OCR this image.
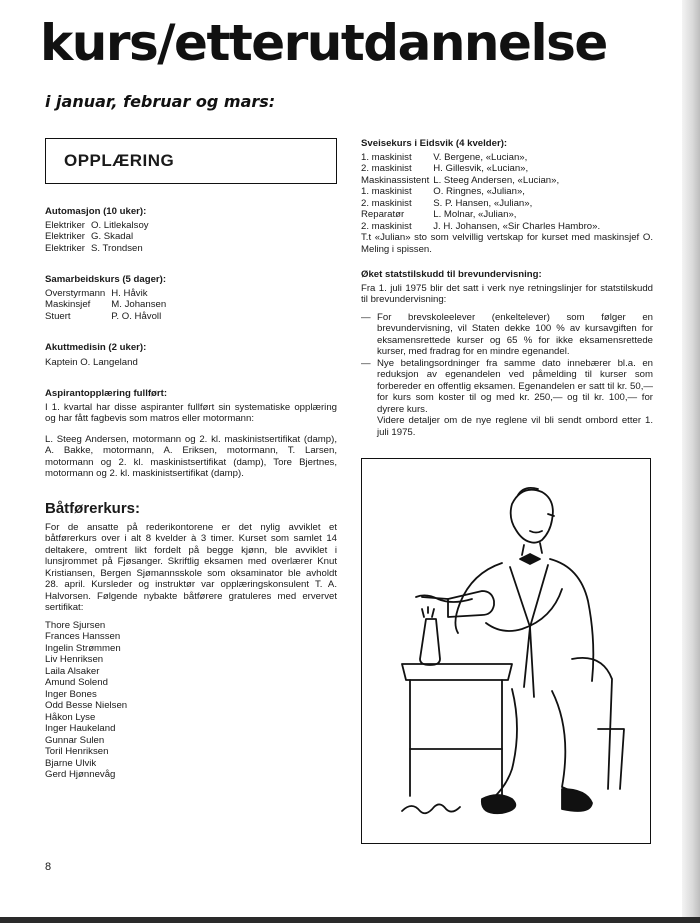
kurs/etterutdannelse
i januar, februar og mars:
OPPLÆRING

Automasjon (10 uker):

Elektriker O. Litlekalsoy
Elektriker G. Skadal
Elektriker S. Trondsen

Samarbeidskurs (5 dager):

Overstyrmann H. Håvik
Maskinsjef	M. Johansen
Stuert	P. O. Håvoll

Akuttmedisin (2 uker):

Kaptein O. Langeland

Aspirantopplæring fullført:

I 1. kvartal har disse aspiranter fullført sin systematiske opplæring og har fått fagbevis som matros eller motormann:

L. Steeg Andersen, motormann og 2. kl. maskinistsertifikat (damp), A. Bakke, motormann, A. Eriksen, motormann, T. Larsen, motormann og 2. kl. maskinistsertifikat (damp), Tore Bjertnes, motormann og 2. kl. maskinistsertifikat (damp).

Båtførerkurs:

For de ansatte på rederikontorene er det nylig avviklet et båtførerkurs over i alt 8 kvelder à 3 timer. Kurset som samlet 14 deltakere, omtrent likt fordelt på begge kjønn, ble avviklet i lunsjrommet på Fjøsanger. Skriftlig eksamen med overlærer Knut Kristiansen, Bergen Sjømannsskole som oksaminator ble avholdt 28. april. Kursleder og instruktør var opplæringskonsulent T. A. Halvorsen. Følgende nybakte båtførere gratuleres med ervervet sertifikat:

Thore Sjursen
Frances Hanssen
Ingelin Strømmen
Liv Henriksen
Laila Alsaker
Amund Solend
Inger Bones
Odd Besse Nielsen
Håkon Lyse
Inger Haukeland
Gunnar Sulen
Toril Henriksen
Bjarne Ulvik
Gerd Hjønnevåg

Sveisekurs i Eidsvik (4 kvelder):

1. maskinist	V. Bergene, «Lucian»,
2. maskinist	H. Gillesvik, «Lucian»,
Maskinassistent L. Steeg Andersen, «Lucian»,
1. maskinist	O. Ringnes, «Julian»,
2. maskinist	S. P. Hansen, «Julian»,
Reparatør	L. Molnar, «Julian»,
2. maskinist	J. H. Johansen, «Sir Charles Hambro».

T.t «Julian» sto som velvillig vertskap for kurset med maskinsjef O. Meling i spissen.

Øket statstilskudd til brevundervisning:

Fra 1. juli 1975 blir det satt i verk nye retningslinjer for statstilskudd til brevundervisning:

— For brevskoleelever (enkeltelever) som følger en brevundervisning, vil Staten dekke 100 % av kursavgiften for eksamensrettede kurser og 65 % for ikke eksamensrettede kurser, med fradrag for en mindre egenandel.

— Nye betalingsordninger fra samme dato innebærer bl.a. en reduksjon av egenandelen ved påmelding til kurser som forbereder en offentlig eksamen. Egenandelen er satt til kr. 50,— for kurs som koster til og med kr. 250,— og til kr. 100,— for dyrere kurs.

Videre detaljer om de nye reglene vil bli sendt ombord etter 1. juli 1975.

8
